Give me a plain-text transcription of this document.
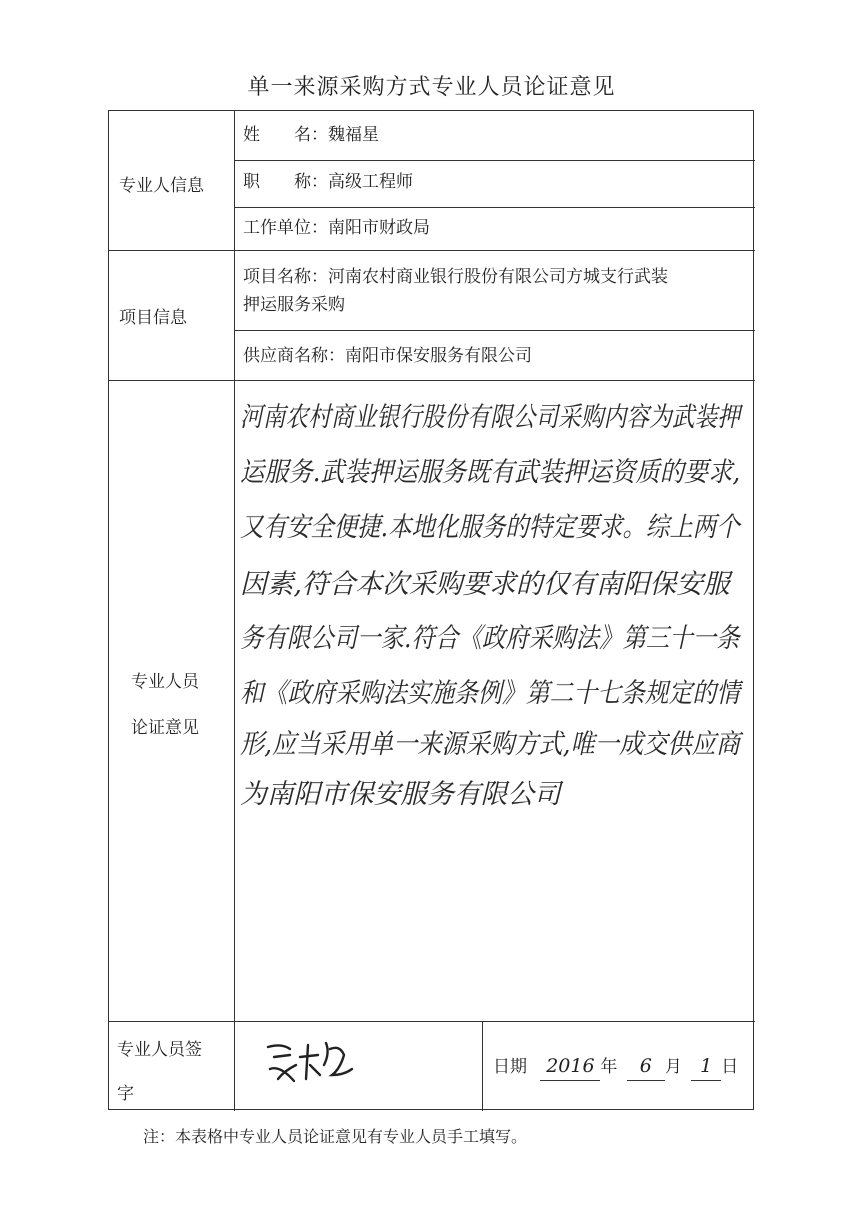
单一来源采购方式专业人员论证意见
专业人信息
姓　　名：魏福星
职　　称：高级工程师
工作单位：南阳市财政局
项目信息
项目名称：河南农村商业银行股份有限公司方城支行武装
押运服务采购
供应商名称：南阳市保安服务有限公司
专业人员
论证意见
河南农村商业银行股份有限公司采购内容为武装押
运服务.武装押运服务既有武装押运资质的要求,
又有安全便捷.本地化服务的特定要求。综上两个
因素,符合本次采购要求的仅有南阳保安服
务有限公司一家.符合《政府采购法》第三十一条
和《政府采购法实施条例》第二十七条规定的情
形,应当采用单一来源采购方式,唯一成交供应商
为南阳市保安服务有限公司
专业人员签
字
日期 2016 年 6 月 1 日
注：本表格中专业人员论证意见有专业人员手工填写。
